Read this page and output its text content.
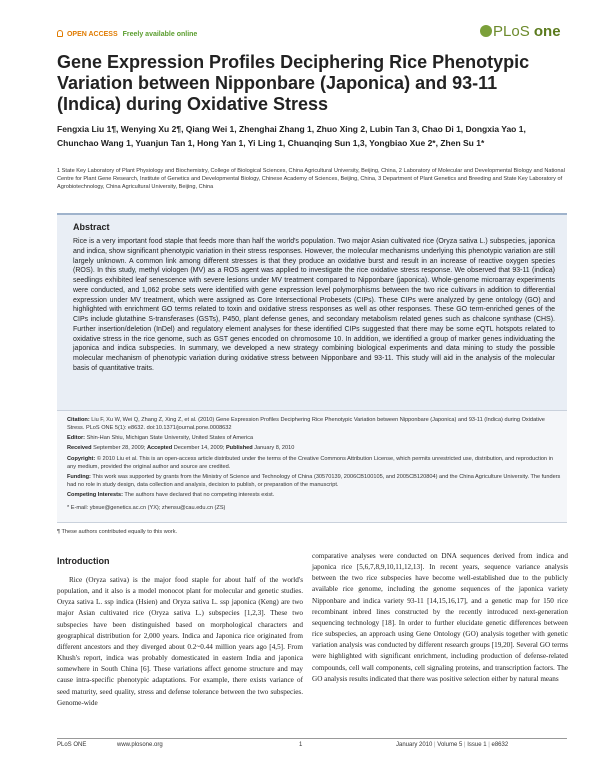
OPEN ACCESS Freely available online	PLoS one
Gene Expression Profiles Deciphering Rice Phenotypic Variation between Nipponbare (Japonica) and 93-11 (Indica) during Oxidative Stress
Fengxia Liu 1¶, Wenying Xu 2¶, Qiang Wei 1, Zhenghai Zhang 1, Zhuo Xing 2, Lubin Tan 3, Chao Di 1, Dongxia Yao 1, Chunchao Wang 1, Yuanjun Tan 1, Hong Yan 1, Yi Ling 1, Chuanqing Sun 1,3, Yongbiao Xue 2*, Zhen Su 1*
1 State Key Laboratory of Plant Physiology and Biochemistry, College of Biological Sciences, China Agricultural University, Beijing, China, 2 Laboratory of Molecular and Developmental Biology and National Centre for Plant Gene Research, Institute of Genetics and Developmental Biology, Chinese Academy of Sciences, Beijing, China, 3 Department of Plant Genetics and Breeding and State Key Laboratory of Agrobiotechnology, China Agricultural University, Beijing, China
Abstract
Rice is a very important food staple that feeds more than half the world's population. Two major Asian cultivated rice (Oryza sativa L.) subspecies, japonica and indica, show significant phenotypic variation in their stress responses. However, the molecular mechanisms underlying this phenotypic variation are still largely unknown. A common link among different stresses is that they produce an oxidative burst and result in an increase of reactive oxygen species (ROS). In this study, methyl viologen (MV) as a ROS agent was applied to investigate the rice oxidative stress response. We observed that 93-11 (indica) seedlings exhibited leaf senescence with severe lesions under MV treatment compared to Nipponbare (japonica). Whole-genome microarray experiments were conducted, and 1,062 probe sets were identified with gene expression level polymorphisms between the two rice cultivars in addition to differential expression under MV treatment, which were assigned as Core Intersectional Probesets (CIPs). These CIPs were analyzed by gene ontology (GO) and highlighted with enrichment GO terms related to toxin and oxidative stress responses as well as other responses. These GO term-enriched genes of the CIPs include glutathine S-transferases (GSTs), P450, plant defense genes, and secondary metabolism related genes such as chalcone synthase (CHS). Further insertion/deletion (InDel) and regulatory element analyses for these identified CIPs suggested that there may be some eQTL hotspots related to oxidative stress in the rice genome, such as GST genes encoded on chromosome 10. In addition, we identified a group of marker genes individuating the japonica and indica subspecies. In summary, we developed a new strategy combining biological experiments and data mining to study the possible molecular mechanism of phenotypic variation during oxidative stress between Nipponbare and 93-11. This study will aid in the analysis of the molecular basis of quantitative traits.
Citation: Liu F, Xu W, Wei Q, Zhang Z, Xing Z, et al. (2010) Gene Expression Profiles Deciphering Rice Phenotypic Variation between Nipponbare (Japonica) and 93-11 (Indica) during Oxidative Stress. PLoS ONE 5(1): e8632. doi:10.1371/journal.pone.0008632
Editor: Shin-Han Shiu, Michigan State University, United States of America
Received September 28, 2009; Accepted December 14, 2009; Published January 8, 2010
Copyright: © 2010 Liu et al. This is an open-access article distributed under the terms of the Creative Commons Attribution License, which permits unrestricted use, distribution, and reproduction in any medium, provided the original author and source are credited.
Funding: This work was supported by grants from the Ministry of Science and Technology of China (30570139, 2006CB100105, and 2005CB120804) and the China Agriculture University. The funders had no role in study design, data collection and analysis, decision to publish, or preparation of the manuscript.
Competing Interests: The authors have declared that no competing interests exist.
* E-mail: ybxue@genetics.ac.cn (YX); zhensu@cau.edu.cn (ZS)
¶ These authors contributed equally to this work.
Introduction
Rice (Oryza sativa) is the major food staple for about half of the world's population, and it also is a model monocot plant for molecular and genetic studies. Oryza sativa L. ssp indica (Hsien) and Oryza sativa L. ssp japonica (Keng) are two major Asian cultivated rice (Oryza sativa L.) subspecies [1,2,3]. These two subspecies have been distinguished based on morphological characters and geographical distribution for 2,000 years. Indica and Japonica rice originated from different ancestors and they diverged about 0.2~0.44 million years ago [4,5]. From Khush's report, indica was probably domesticated in eastern India and japonica somewhere in South China [6]. These variations affect genome structure and may cause intra-specific phenotypic adaptations. For example, there exists variance of seed maturity, seed quality, stress and defense tolerance between the two subspecies. Genome-wide
comparative analyses were conducted on DNA sequences derived from indica and japonica rice [5,6,7,8,9,10,11,12,13]. In recent years, sequence variance analysis between the two rice subspecies have become well-established due to the publicly available rice genome, including the genome sequences of the japonica variety Nipponbare and indica variety 93-11 [14,15,16,17], and a genetic map for 150 rice recombinant inbred lines constructed by the recently introduced next-generation sequencing technology [18]. In order to further elucidate genetic differences between rice subspecies, an approach using Gene Ontology (GO) analysis together with genetic variation analysis was conducted by different research groups [19,20]. Several GO terms were highlighted with significant enrichment, including production of defense-related compounds, cell wall components, cell signaling proteins, and transcription factors. The GO analysis results indicated that there was positive selection either by natural means
PLoS ONE	www.plosone.org	1	January 2010 | Volume 5 | Issue 1 | e8632
